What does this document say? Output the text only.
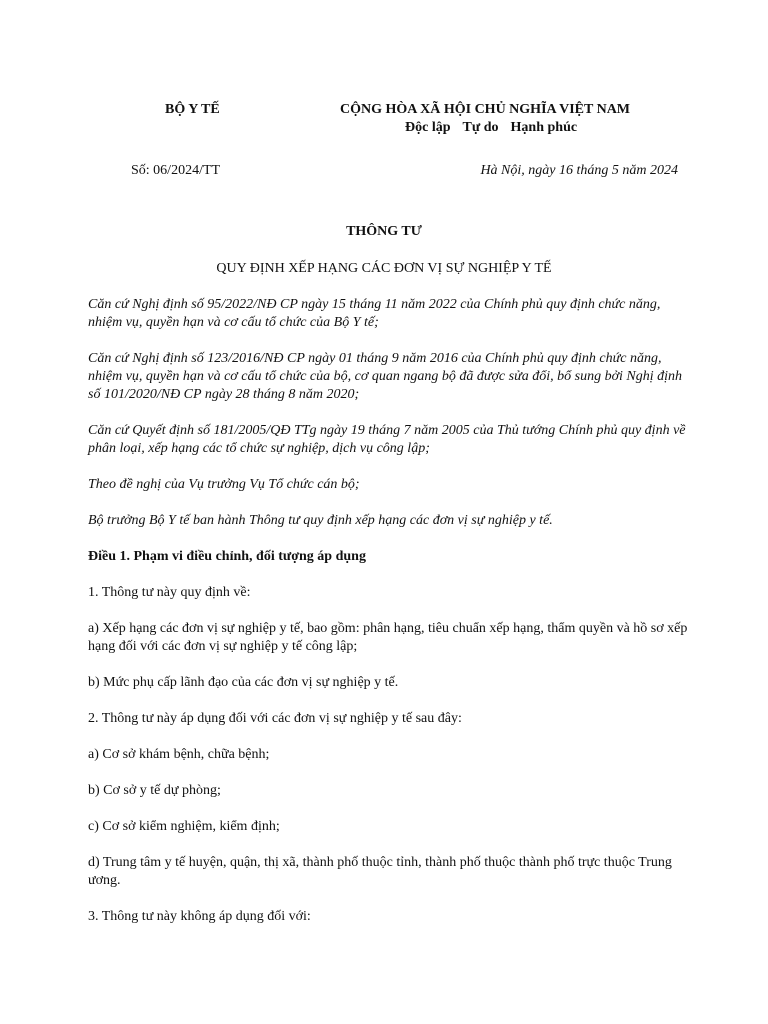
BỘ Y TẾ	CỘNG HÒA XÃ HỘI CHỦ NGHĨA VIỆT NAM
Độc lập Tự do Hạnh phúc
Số: 06/2024/TT	Hà Nội, ngày 16 tháng 5 năm 2024
THÔNG TƯ
QUY ĐỊNH XẾP HẠNG CÁC ĐƠN VỊ SỰ NGHIỆP Y TẾ
Căn cứ Nghị định số 95/2022/NĐ CP ngày 15 tháng 11 năm 2022 của Chính phủ quy định chức năng, nhiệm vụ, quyền hạn và cơ cấu tổ chức của Bộ Y tế;
Căn cứ Nghị định số 123/2016/NĐ CP ngày 01 tháng 9 năm 2016 của Chính phủ quy định chức năng, nhiệm vụ, quyền hạn và cơ cấu tổ chức của bộ, cơ quan ngang bộ đã được sửa đổi, bổ sung bởi Nghị định số 101/2020/NĐ CP ngày 28 tháng 8 năm 2020;
Căn cứ Quyết định số 181/2005/QĐ TTg ngày 19 tháng 7 năm 2005 của Thủ tướng Chính phủ quy định về phân loại, xếp hạng các tổ chức sự nghiệp, dịch vụ công lập;
Theo đề nghị của Vụ trưởng Vụ Tổ chức cán bộ;
Bộ trưởng Bộ Y tế ban hành Thông tư quy định xếp hạng các đơn vị sự nghiệp y tế.
Điều 1. Phạm vi điều chỉnh, đối tượng áp dụng
1. Thông tư này quy định về:
a) Xếp hạng các đơn vị sự nghiệp y tế, bao gồm: phân hạng, tiêu chuẩn xếp hạng, thẩm quyền và hồ sơ xếp hạng đối với các đơn vị sự nghiệp y tế công lập;
b) Mức phụ cấp lãnh đạo của các đơn vị sự nghiệp y tế.
2. Thông tư này áp dụng đối với các đơn vị sự nghiệp y tế sau đây:
a) Cơ sở khám bệnh, chữa bệnh;
b) Cơ sở y tế dự phòng;
c) Cơ sở kiểm nghiệm, kiểm định;
d) Trung tâm y tế huyện, quận, thị xã, thành phố thuộc tỉnh, thành phố thuộc thành phố trực thuộc Trung ương.
3. Thông tư này không áp dụng đối với:
